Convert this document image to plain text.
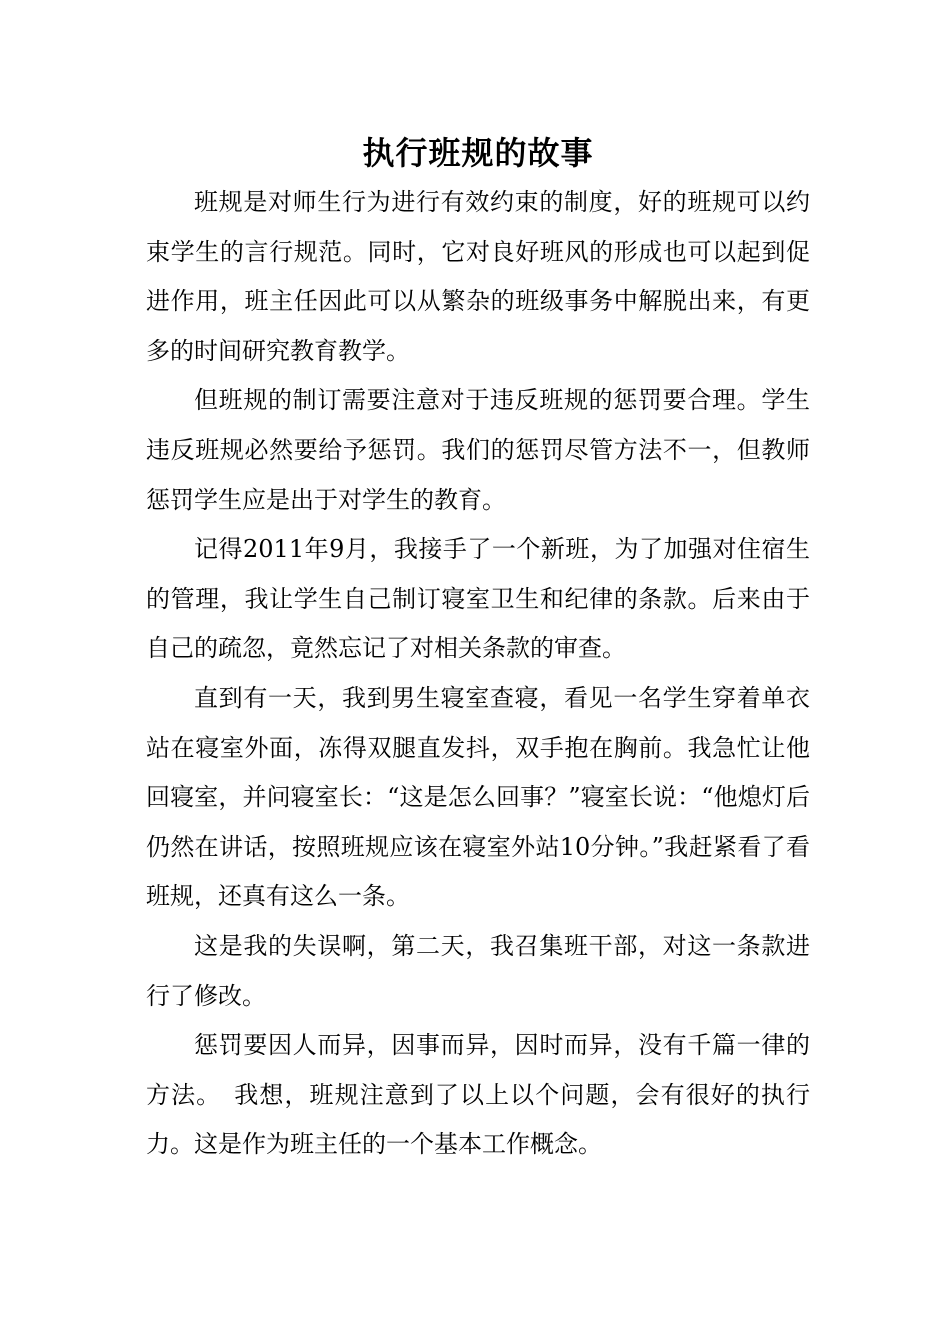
执行班规的故事

班规是对师生行为进行有效约束的制度，好的班规可以约束学生的言行规范。同时，它对良好班风的形成也可以起到促进作用，班主任因此可以从繁杂的班级事务中解脱出来，有更多的时间研究教育教学。

但班规的制订需要注意对于违反班规的惩罚要合理。学生违反班规必然要给予惩罚。我们的惩罚尽管方法不一，但教师惩罚学生应是出于对学生的教育。

记得2011年9月，我接手了一个新班，为了加强对住宿生的管理，我让学生自己制订寝室卫生和纪律的条款。后来由于自己的疏忽，竟然忘记了对相关条款的审查。

直到有一天，我到男生寝室查寝，看见一名学生穿着单衣站在寝室外面，冻得双腿直发抖，双手抱在胸前。我急忙让他回寝室，并问寝室长：“这是怎么回事？”寝室长说：“他熄灯后仍然在讲话，按照班规应该在寝室外站10分钟。”我赶紧看了看班规，还真有这么一条。

这是我的失误啊，第二天，我召集班干部，对这一条款进行了修改。

惩罚要因人而异，因事而异，因时而异，没有千篇一律的方法。　我想，班规注意到了以上以个问题，会有很好的执行力。这是作为班主任的一个基本工作概念。
